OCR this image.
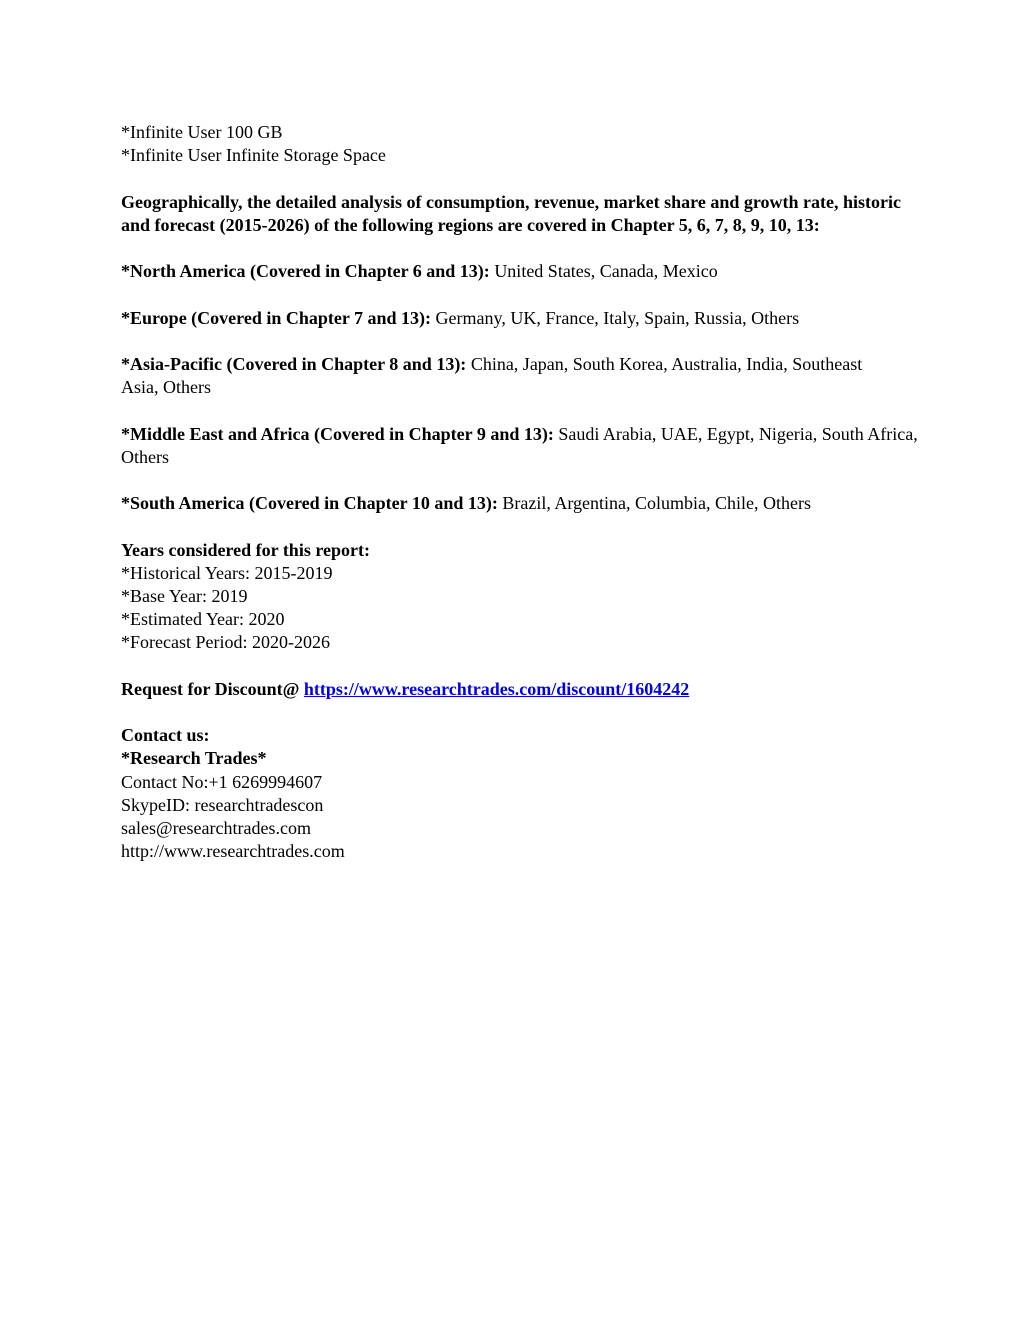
*Infinite User 100 GB
*Infinite User Infinite Storage Space
Geographically, the detailed analysis of consumption, revenue, market share and growth rate, historic and forecast (2015-2026) of the following regions are covered in Chapter 5, 6, 7, 8, 9, 10, 13:
*North America (Covered in Chapter 6 and 13): United States, Canada, Mexico
*Europe (Covered in Chapter 7 and 13): Germany, UK, France, Italy, Spain, Russia, Others
*Asia-Pacific (Covered in Chapter 8 and 13): China, Japan, South Korea, Australia, India, Southeast Asia, Others
*Middle East and Africa (Covered in Chapter 9 and 13): Saudi Arabia, UAE, Egypt, Nigeria, South Africa, Others
*South America (Covered in Chapter 10 and 13): Brazil, Argentina, Columbia, Chile, Others
Years considered for this report:
*Historical Years: 2015-2019
*Base Year: 2019
*Estimated Year: 2020
*Forecast Period: 2020-2026
Request for Discount@ https://www.researchtrades.com/discount/1604242
Contact us:
*Research Trades*
Contact No:+1 6269994607
SkypeID: researchtradescon
sales@researchtrades.com
http://www.researchtrades.com
